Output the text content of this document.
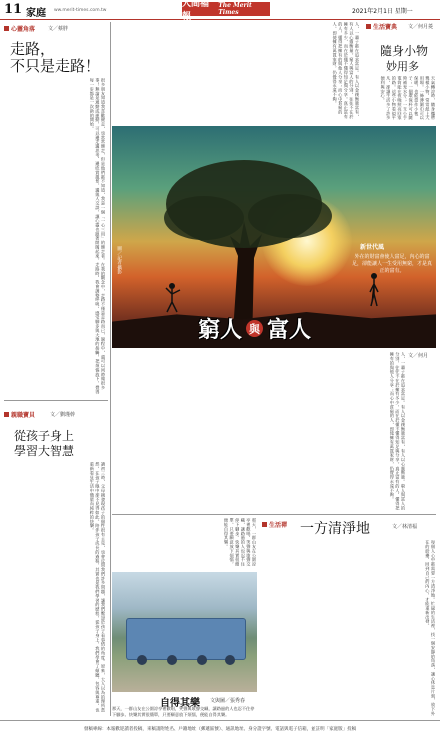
11 家庭 ww.merit-times.com.tw
人間福報
The Merit Times	2021年2月1日 星期一
心靈角落	文／蔡胖
走路，
不只是走路！
很多朋友知道我喜歡健走，也常常健走，但是他們都不知道，我是一個「一心三用」的健走者。在我的觀念中，走路不僅是走路而已，過程中，還可以同時做很多事！無論是通勤或運動，可以邊走邊思考、邊欣賞風景、邊與人交談，讓心靈也跟著開闊起來。走路時，我會調整呼吸，感受腳步與大地的接觸，把煩惱放下，覺得每一步都是一次新的開始。
親職寶貝	文／劉瑾幹
從孩子身上
學習大智慧
讀初三時，父母親發現孩子的個性很有主見，也會反問我們許多問題，讓我們驚訝於孩子看事情的角度。原來，大人以為的理所當然，在孩子眼中卻不見得如此。陪伴孩子成長的過程，其實也是我們學習的歷程，從孩子身上，我們學會了傾聽、包容與尊重，也重新看見生活中簡單而純粹的快樂。
人，一輩子都在追求富足。有人以金錢衡量富有，有人以心靈衡量。窮人與富人的分別，往往不在於擁有多少，而在於懂不懂得知足與分享。真正富有的人，懂得把擁有的與他人分享；而心中貧窮的人，即使擁有萬貫家財，仍覺得永遠不夠。	生活寶典 文／何月菱
隨身小物
妙用多
天氣轉涼時，隨身攜帶幾樣小物，常常派上大用場。一條薄圍巾可以保暖，也能當作小毯子；一個環保杯可以隨時補充水分；一支小手電筒能在夜晚照亮回家的路。這些小物看似平凡，卻讓生活多了許多便利與安心。
圖／記者攝影	新世代風
外在的財富會使人富足，內心的富足，卻能讓人一生受用無窮，才是真正的富有。
窮人 與 富人
文／何月
人，一輩子都在追求富足。有人以金錢衡量富有，有人以心靈衡量。窮人與富人的分別，往往不在於擁有多少，而在於懂不懂得知足與分享。真正富有的人，懂得把擁有的與他人分享；而心中貧窮的人，即使擁有萬貫家財，仍覺得永遠不夠。
生活禪 一方清淨地	文／林清福
每個人心中都需要一方清淨地。忙碌的生活裡，找一個安靜的角落，讓心休息片刻，放下外在的紛擾，回到自己的內心，才能重新出發。
那天，一群山友在公園涼亭裡歡唱，笑聲與歌聲交織，讓路過的人也忍不住停下腳步。快樂其實很簡單，只要願意放下煩惱，便能自得其樂。
自得其樂 文與圖／張秀春
那天，一群山友在公園涼亭裡歡唱，笑聲與歌聲交織，讓路過的人也忍不住停下腳步。快樂其實很簡單，只要願意放下煩惱，便能自得其樂。
發稿專線：本報歡迎讀者投稿，來稿請附姓名、戶籍地址（郵遞區號）、通訊地址、身分證字號、電話與電子信箱，並註明「家庭版」投稿
